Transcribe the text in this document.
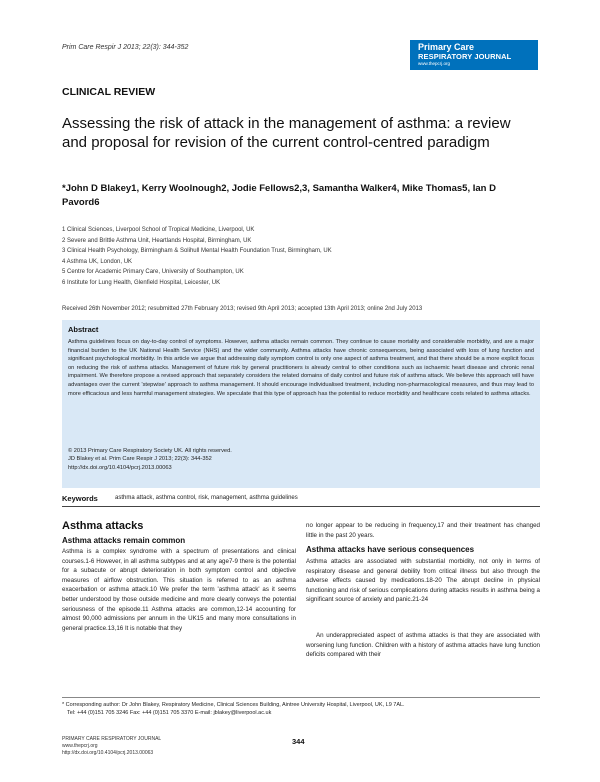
Prim Care Respir J 2013; 22(3): 344-352	Primary Care
RESPIRATORY JOURNAL
www.thepcrj.org
CLINICAL REVIEW
Assessing the risk of attack in the management of asthma: a review and proposal for revision of the current control-centred paradigm
*John D Blakey1, Kerry Woolnough2, Jodie Fellows2,3, Samantha Walker4, Mike Thomas5, Ian D Pavord6
1 Clinical Sciences, Liverpool School of Tropical Medicine, Liverpool, UK
2 Severe and Brittle Asthma Unit, Heartlands Hospital, Birmingham, UK
3 Clinical Health Psychology, Birmingham & Solihull Mental Health Foundation Trust, Birmingham, UK
4 Asthma UK, London, UK
5 Centre for Academic Primary Care, University of Southampton, UK
6 Institute for Lung Health, Glenfield Hospital, Leicester, UK
Received 26th November 2012; resubmitted 27th February 2013; revised 9th April 2013; accepted 13th April 2013; online 2nd July 2013
Abstract
Asthma guidelines focus on day-to-day control of symptoms. However, asthma attacks remain common. They continue to cause mortality and considerable morbidity, and are a major financial burden to the UK National Health Service (NHS) and the wider community. Asthma attacks have chronic consequences, being associated with loss of lung function and significant psychological morbidity. In this article we argue that addressing daily symptom control is only one aspect of asthma treatment, and that there should be a more explicit focus on reducing the risk of asthma attacks. Management of future risk by general practitioners is already central to other conditions such as ischaemic heart disease and chronic renal impairment. We therefore propose a revised approach that separately considers the related domains of daily control and future risk of asthma attack. We believe this approach will have advantages over the current 'stepwise' approach to asthma management. It should encourage individualised treatment, including non-pharmacological measures, and thus may lead to more efficacious and less harmful management strategies. We speculate that this type of approach has the potential to reduce morbidity and healthcare costs related to asthma attacks.
© 2013 Primary Care Respiratory Society UK. All rights reserved.
JD Blakey et al. Prim Care Respir J 2013; 22(3): 344-352
http://dx.doi.org/10.4104/pcrj.2013.00063
Keywords	asthma attack, asthma control, risk, management, asthma guidelines
Asthma attacks
Asthma attacks remain common
Asthma is a complex syndrome with a spectrum of presentations and clinical courses.1-6 However, in all asthma subtypes and at any age7-9 there is the potential for a subacute or abrupt deterioration in both symptom control and objective measures of airflow obstruction. This situation is referred to as an asthma exacerbation or asthma attack.10 We prefer the term 'asthma attack' as it seems better understood by those outside medicine and more clearly conveys the potential seriousness of the episode.11 Asthma attacks are common,12-14 accounting for almost 90,000 admissions per annum in the UK15 and many more consultations in general practice.13,16 It is notable that they
no longer appear to be reducing in frequency,17 and their treatment has changed little in the past 20 years.
Asthma attacks have serious consequences
Asthma attacks are associated with substantial morbidity, not only in terms of respiratory disease and general debility from critical illness but also through the adverse effects caused by medications.18-20 The abrupt decline in physical functioning and risk of serious complications during attacks results in asthma being a significant source of anxiety and panic.21-24
An underappreciated aspect of asthma attacks is that they are associated with worsening lung function. Children with a history of asthma attacks have lung function deficits compared with their
* Corresponding author: Dr John Blakey, Respiratory Medicine, Clinical Sciences Building, Aintree University Hospital, Liverpool, UK, L9 7AL.
Tel: +44 (0)151 705 3246 Fax: +44 (0)151 705 3370 E-mail: jblakey@liverpool.ac.uk
PRIMARY CARE RESPIRATORY JOURNAL
www.thepcrj.org
http://dx.doi.org/10.4104/pcrj.2013.00063
344
